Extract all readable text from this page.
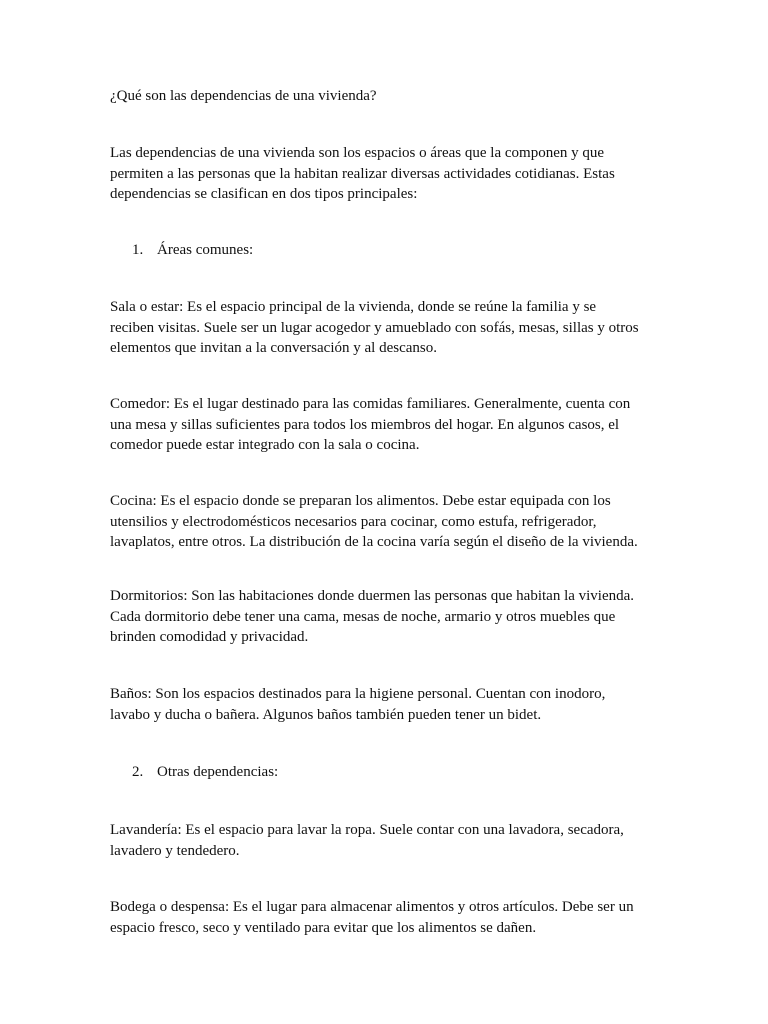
¿Qué son las dependencias de una vivienda?

Las dependencias de una vivienda son los espacios o áreas que la componen y que
permiten a las personas que la habitan realizar diversas actividades cotidianas. Estas
dependencias se clasifican en dos tipos principales:

1. Áreas comunes:

Sala o estar: Es el espacio principal de la vivienda, donde se reúne la familia y se
reciben visitas. Suele ser un lugar acogedor y amueblado con sofás, mesas, sillas y otros
elementos que invitan a la conversación y al descanso.

Comedor: Es el lugar destinado para las comidas familiares. Generalmente, cuenta con
una mesa y sillas suficientes para todos los miembros del hogar. En algunos casos, el
comedor puede estar integrado con la sala o cocina.

Cocina: Es el espacio donde se preparan los alimentos. Debe estar equipada con los
utensilios y electrodomésticos necesarios para cocinar, como estufa, refrigerador,
lavaplatos, entre otros. La distribución de la cocina varía según el diseño de la vivienda.

Dormitorios: Son las habitaciones donde duermen las personas que habitan la vivienda.
Cada dormitorio debe tener una cama, mesas de noche, armario y otros muebles que
brinden comodidad y privacidad.

Baños: Son los espacios destinados para la higiene personal. Cuentan con inodoro,
lavabo y ducha o bañera. Algunos baños también pueden tener un bidet.

2. Otras dependencias:

Lavandería: Es el espacio para lavar la ropa. Suele contar con una lavadora, secadora,
lavadero y tendedero.

Bodega o despensa: Es el lugar para almacenar alimentos y otros artículos. Debe ser un
espacio fresco, seco y ventilado para evitar que los alimentos se dañen.
